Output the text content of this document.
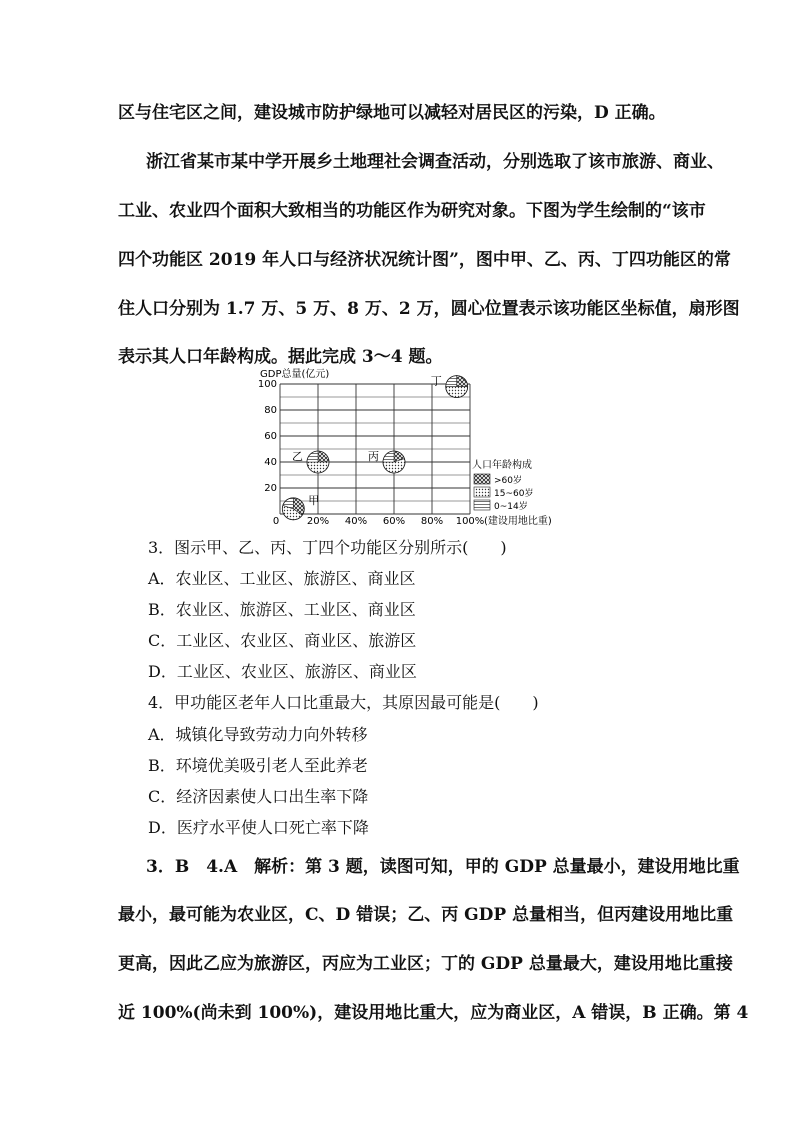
区与住宅区之间，建设城市防护绿地可以减轻对居民区的污染，D 正确。
浙江省某市某中学开展乡土地理社会调查活动，分别选取了该市旅游、商业、
工业、农业四个面积大致相当的功能区作为研究对象。下图为学生绘制的“该市
四个功能区 2019 年人口与经济状况统计图”，图中甲、乙、丙、丁四功能区的常
住人口分别为 1.7 万、5 万、8 万、2 万，圆心位置表示该功能区坐标值，扇形图
表示其人口年龄构成。据此完成 3～4 题。
GDP总量(亿元)
20
40
60
80
100
0	20% 40% 60% 80% 100%
甲
乙	丙
丁
(建设用地比重)
人口年龄构成
>60岁
15~60岁
0~14岁
3．图示甲、乙、丙、丁四个功能区分别所示(　　)
A．农业区、工业区、旅游区、商业区
B．农业区、旅游区、工业区、商业区
C．工业区、农业区、商业区、旅游区
D．工业区、农业区、旅游区、商业区
4．甲功能区老年人口比重最大，其原因最可能是(　　)
A．城镇化导致劳动力向外转移
B．环境优美吸引老人至此养老
C．经济因素使人口出生率下降
D．医疗水平使人口死亡率下降
3．B　4.A　解析：第 3 题，读图可知，甲的 GDP 总量最小，建设用地比重
最小，最可能为农业区，C、D 错误；乙、丙 GDP 总量相当，但丙建设用地比重
更高，因此乙应为旅游区，丙应为工业区；丁的 GDP 总量最大，建设用地比重接
近 100%(尚未到 100%)，建设用地比重大，应为商业区，A 错误，B 正确。第 4
